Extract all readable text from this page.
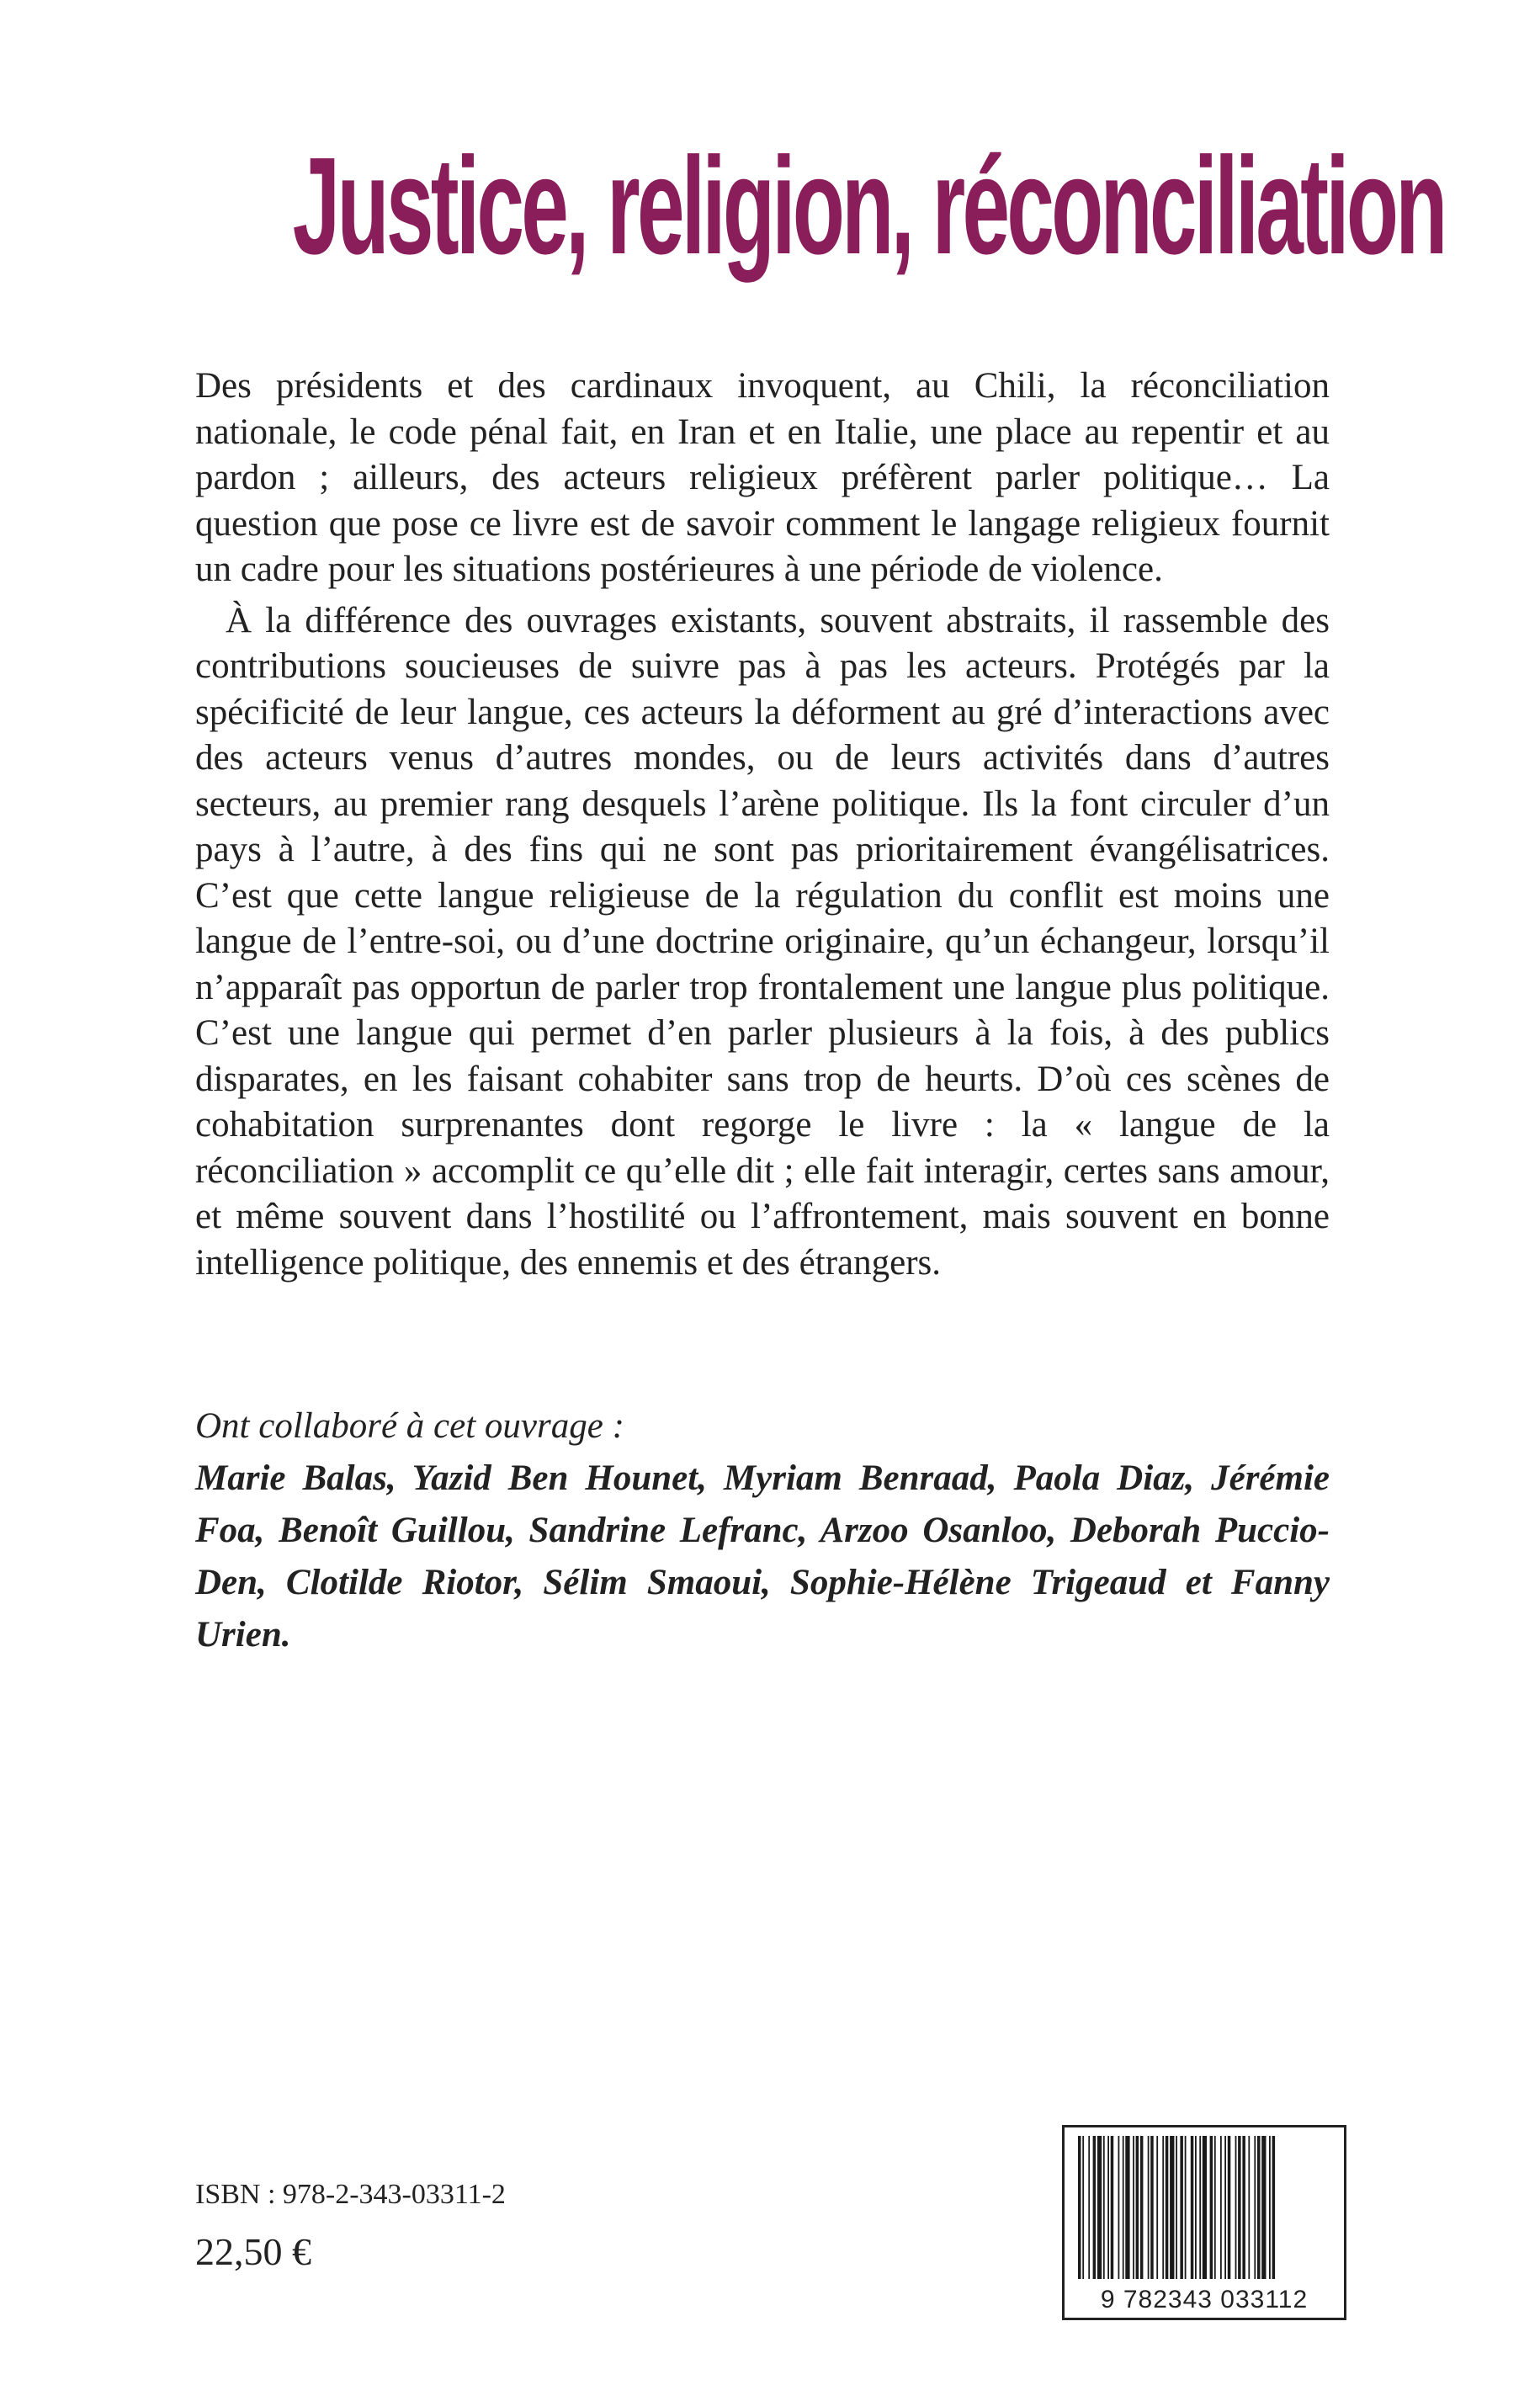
Justice, religion, réconciliation

Des présidents et des cardinaux invoquent, au Chili, la réconciliation nationale, le code pénal fait, en Iran et en Italie, une place au repentir et au pardon ; ailleurs, des acteurs religieux préfèrent parler politique… La question que pose ce livre est de savoir comment le langage religieux fournit un cadre pour les situations postérieures à une période de violence.

À la différence des ouvrages existants, souvent abstraits, il rassemble des contributions soucieuses de suivre pas à pas les acteurs. Protégés par la spécificité de leur langue, ces acteurs la déforment au gré d’interactions avec des acteurs venus d’autres mondes, ou de leurs activités dans d’autres secteurs, au premier rang desquels l’arène politique. Ils la font circuler d’un pays à l’autre, à des fins qui ne sont pas prioritairement évangélisatrices. C’est que cette langue religieuse de la régulation du conflit est moins une langue de l’entre-soi, ou d’une doctrine originaire, qu’un échangeur, lorsqu’il n’apparaît pas opportun de parler trop frontalement une langue plus politique. C’est une langue qui permet d’en parler plusieurs à la fois, à des publics disparates, en les faisant cohabiter sans trop de heurts. D’où ces scènes de cohabitation surprenantes dont regorge le livre : la « langue de la réconciliation » accomplit ce qu’elle dit ; elle fait interagir, certes sans amour, et même souvent dans l’hostilité ou l’affrontement, mais souvent en bonne intelligence politique, des ennemis et des étrangers.

Ont collaboré à cet ouvrage :
Marie Balas, Yazid Ben Hounet, Myriam Benraad, Paola Diaz, Jérémie Foa, Benoît Guillou, Sandrine Lefranc, Arzoo Osanloo, Deborah Puccio-Den, Clotilde Riotor, Sélim Smaoui, Sophie-Hélène Trigeaud et Fanny Urien.
ISBN : 978-2-343-03311-2
22,50 €
9 782343 033112
